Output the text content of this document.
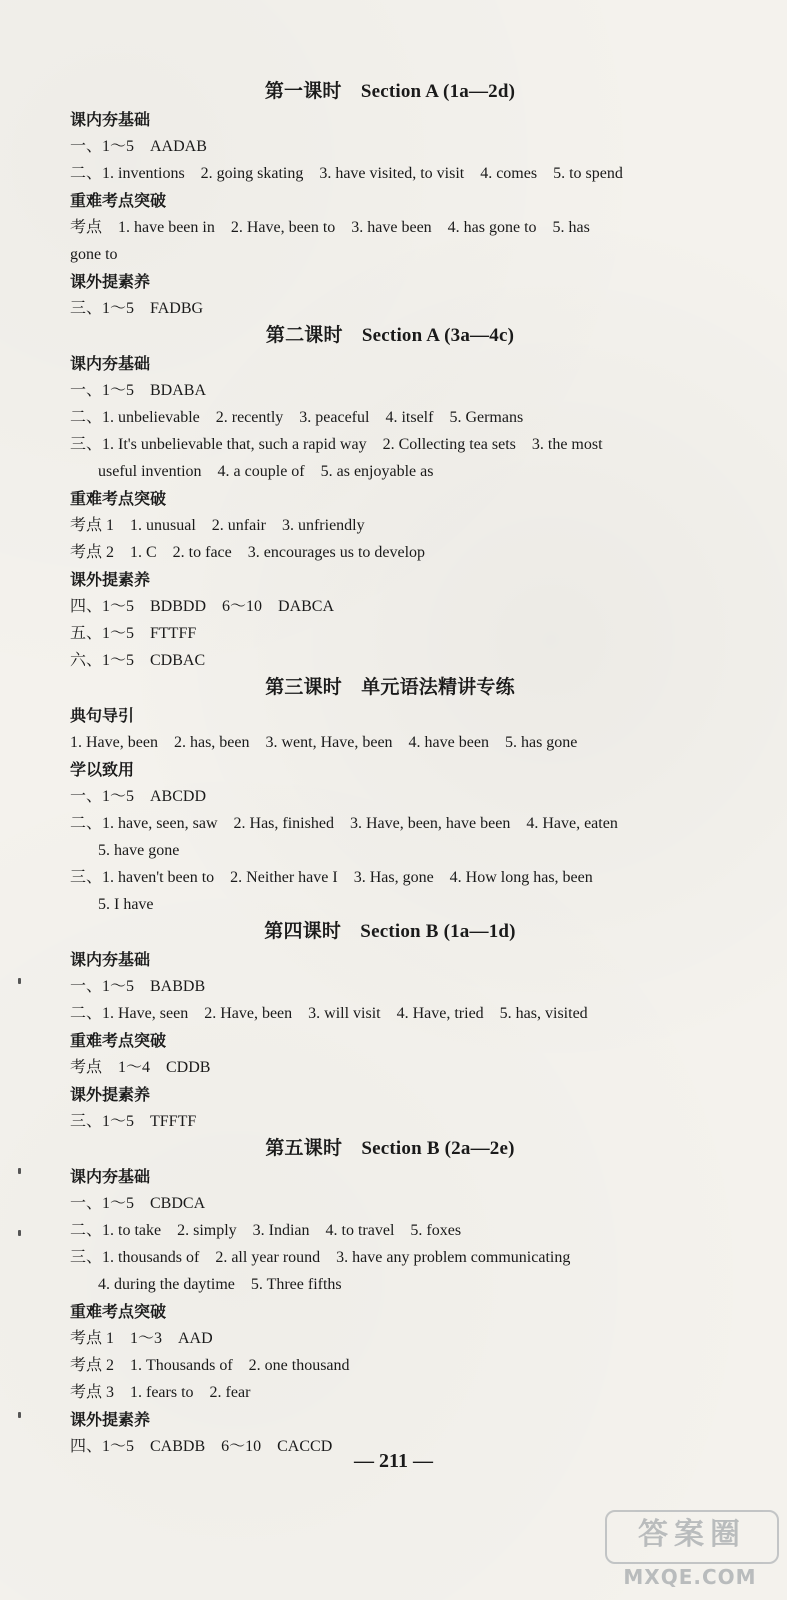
第一课时　Section A (1a—2d)
课内夯基础
一、1～5　AADAB
二、1. inventions　2. going skating　3. have visited, to visit　4. comes　5. to spend
重难考点突破
考点　1. have been in　2. Have, been to　3. have been　4. has gone to　5. has
gone to
课外提素养
三、1～5　FADBG
第二课时　Section A (3a—4c)
课内夯基础
一、1～5　BDABA
二、1. unbelievable　2. recently　3. peaceful　4. itself　5. Germans
三、1. It's unbelievable that, such a rapid way　2. Collecting tea sets　3. the most
useful invention　4. a couple of　5. as enjoyable as
重难考点突破
考点 1　1. unusual　2. unfair　3. unfriendly
考点 2　1. C　2. to face　3. encourages us to develop
课外提素养
四、1～5　BDBDD　6～10　DABCA
五、1～5　FTTFF
六、1～5　CDBAC
第三课时　单元语法精讲专练
典句导引
1. Have, been　2. has, been　3. went, Have, been　4. have been　5. has gone
学以致用
一、1～5　ABCDD
二、1. have, seen, saw　2. Has, finished　3. Have, been, have been　4. Have, eaten
5. have gone
三、1. haven't been to　2. Neither have I　3. Has, gone　4. How long has, been
5. I have
第四课时　Section B (1a—1d)
课内夯基础
一、1～5　BABDB
二、1. Have, seen　2. Have, been　3. will visit　4. Have, tried　5. has, visited
重难考点突破
考点　1～4　CDDB
课外提素养
三、1～5　TFFTF
第五课时　Section B (2a—2e)
课内夯基础
一、1～5　CBDCA
二、1. to take　2. simply　3. Indian　4. to travel　5. foxes
三、1. thousands of　2. all year round　3. have any problem communicating
4. during the daytime　5. Three fifths
重难考点突破
考点 1　1～3　AAD
考点 2　1. Thousands of　2. one thousand
考点 3　1. fears to　2. fear
课外提素养
四、1～5　CABDB　6～10　CACCD
— 211 —
答案圈
MXQE.COM
